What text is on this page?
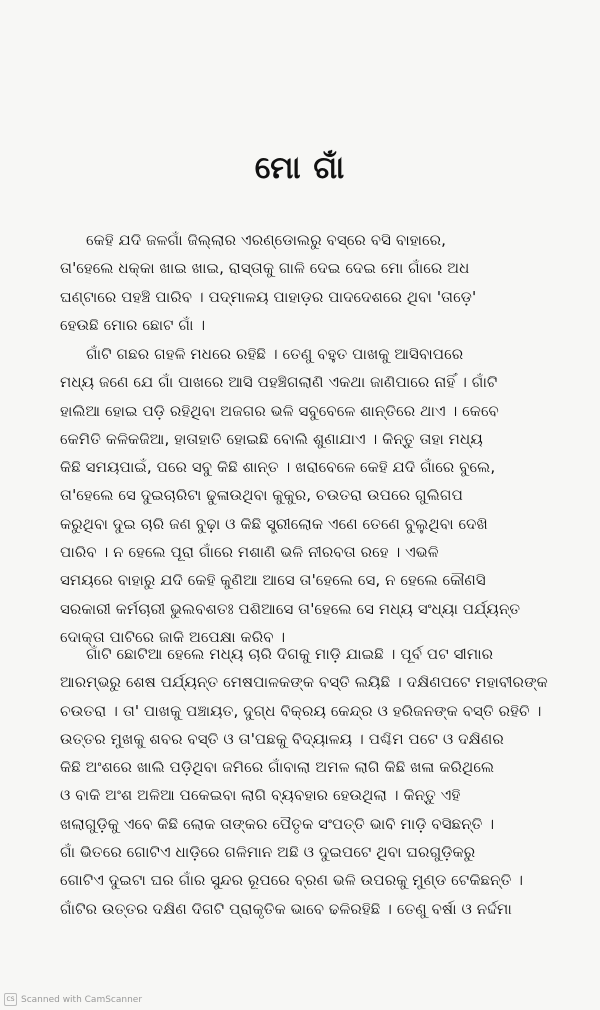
ମୋ ଗାଁ
କେହି ଯଦି ଜଳଗାଁ ଜିଲ୍ଲାର ଏରଣ୍ଡୋଲରୁ ବସ୍‌ରେ ବସି ବାହାରେ,
ତା'ହେଲେ ଧକ୍କା ଖାଇ ଖାଇ, ରାସ୍ତାକୁ ଗାଳି ଦେଇ ଦେଇ ମୋ ଗାଁରେ ଅଧ
ଘଣ୍ଟାରେ ପହଞ୍ଚି ପାରିବ । ପଦ୍ମାଳୟ ପାହାଡ଼ର ପାଦଦେଶରେ ଥିବା 'ତାଡ଼େ'
ହେଉଛି ମୋର ଛୋଟ ଗାଁ ।
ଗାଁଟି ଗଛର ଗହଳି ମଧରେ ରହିଛି । ତେଣୁ ବହୁତ ପାଖକୁ ଆସିବାପରେ
ମଧ୍ୟ ଜଣେ ଯେ ଗାଁ ପାଖରେ ଆସି ପହଞ୍ଚିଗଲାଣି ଏକଥା ଜାଣିପାରେ ନାହିଁ । ଗାଁଟି
ହାଲିଆ ହୋଇ ପଡ଼ି ରହିଥିବା ଅଜଗର ଭଳି ସବୁବେଳେ ଶାନ୍ତିରେ ଥାଏ । କେବେ
କେମିତି କଳିକଜିଆ, ହାତାହାତି ହୋଇଛି ବୋଲି ଶୁଣାଯାଏ । କିନ୍ତୁ ତାହା ମଧ୍ୟ
କିଛି ସମୟପାଇଁ, ପରେ ସବୁ କିଛି ଶାନ୍ତ । ଖରାବେଳେ କେହି ଯଦି ଗାଁରେ ବୁଲେ,
ତା'ହେଲେ ସେ ଦୁଇଚାରିଟା ଢୁଳାଉଥିବା କୁକୁର, ଚଉତରା ଉପରେ ଗୁଲିଗପ
କରୁଥିବା ଦୁଇ ଚାରି ଜଣ ବୁଢ଼ା ଓ କିଛି ସ୍ତ୍ରୀଲୋକ ଏଣେ ତେଣେ ବୁଲୁଥିବା ଦେଖି
ପାରିବ । ନ ହେଲେ ପୂରା ଗାଁରେ ମଶାଣି ଭଳି ନୀରବତା ରହେ । ଏଭଳି
ସମୟରେ ବାହାରୁ ଯଦି କେହି କୁଣିଆ ଆସେ ତା'ହେଲେ ସେ, ନ ହେଲେ କୌଣସି
ସରକାରୀ କର୍ମଚାରୀ ଭୁଲବଶତଃ ପଶିଆସେ ତା'ହେଲେ ସେ ମଧ୍ୟ ସଂଧ୍ୟା ପର୍ଯ୍ୟନ୍ତ
ଦୋକ୍ତା ପାଟିରେ ଜାକି ଅପେକ୍ଷା କରିବ ।
ଗାଁଟି ଛୋଟିଆ ହେଲେ ମଧ୍ୟ ଚାରି ଦିଗକୁ ମାଡ଼ି ଯାଇଛି । ପୂର୍ବ ପଟ ସୀମାର
ଆରମ୍ଭରୁ ଶେଷ ପର୍ଯ୍ୟନ୍ତ ମେଷପାଳକଙ୍କ ବସ୍ତି ଲୟିଛି । ଦକ୍ଷିଣପଟେ ମହାବୀରଙ୍କ
ଚଉତରା । ତା' ପାଖକୁ ପଞ୍ଚାୟତ, ଦୁଗ୍ଧ ବିକ୍ରୟ କେନ୍ଦ୍ର ଓ ହରିଜନଙ୍କ ବସ୍ତି ରହିଚି ।
ଉତ୍ତର ମୁଖକୁ ଶବର ବସ୍ତି ଓ ତା'ପଛକୁ ବିଦ୍ୟାଳୟ । ପଶ୍ଚିମ ପଟେ ଓ ଦକ୍ଷିଣର
କିଛି ଅଂଶରେ ଖାଲି ପଡ଼ିଥିବା ଜମିରେ ଗାଁବାଲା ଅମଳ ଲାଗି କିଛି ଖଳା କରିଥିଲେ
ଓ ବାକି ଅଂଶ ଅଳିଆ ପକେଇବା ଲାଗି ବ୍ୟବହାର ହେଉଥିଲା । କିନ୍ତୁ ଏହି
ଖଲାଗୁଡ଼ିକୁ ଏବେ କିଛି ଲୋକ ତାଙ୍କର ପୈତୃକ ସଂପତ୍ତି ଭାବି ମାଡ଼ି ବସିଛନ୍ତି ।
ଗାଁ ଭିତରେ ଗୋଟିଏ ଧାଡ଼ିରେ ଗଳିମାନ ଅଛି ଓ ଦୁଇପଟେ ଥିବା ଘରଗୁଡ଼ିକରୁ
ଗୋଟିଏ ଦୁଇଟା ଘର ଗାଁର ସୁନ୍ଦର ରୂପରେ ବ୍ରଣ ଭଳି ଉପରକୁ ମୁଣ୍ଡ ଟେକିଛନ୍ତି ।
ଗାଁଟିର ଉତ୍ତର ଦକ୍ଷିଣ ଦିଗଟି ପ୍ରାକୃତିକ ଭାବେ ଢଳିରହିଛି । ତେଣୁ ବର୍ଷା ଓ ନର୍ଦ୍ଦମା
CS Scanned with CamScanner
